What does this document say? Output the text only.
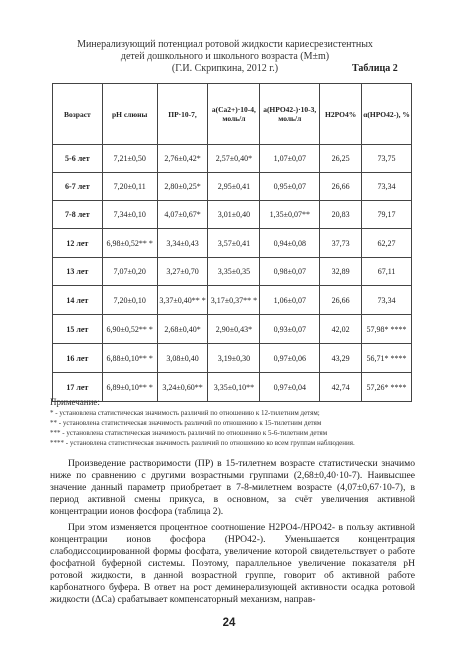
Минерализующий потенциал ротовой жидкости кариесрезистентных
детей дошкольного и школьного возраста (M±m)
(Г.И. Скрипкина, 2012 г.)	Таблица 2
Возраст	рН слюны	ПР·10-7,	a(Ca2+)·10-4, моль/л	a(HPO42-)·10-3, моль/л	H2PO4%	α(HPO42-), %
5-6 лет	7,21±0,50	2,76±0,42*	2,57±0,40*	1,07±0,07	26,25	73,75
6-7 лет	7,20±0,11	2,80±0,25*	2,95±0,41	0,95±0,07	26,66	73,34
7-8 лет	7,34±0,10	4,07±0,67*	3,01±0,40	1,35±0,07**	20,83	79,17
12 лет	6,98±0,52** *	3,34±0,43	3,57±0,41	0,94±0,08	37,73	62,27
13 лет	7,07±0,20	3,27±0,70	3,35±0,35	0,98±0,07	32,89	67,11
14 лет	7,20±0,10	3,37±0,40** *	3,17±0,37** *	1,06±0,07	26,66	73,34
15 лет	6,90±0,52** *	2,68±0,40*	2,90±0,43*	0,93±0,07	42,02	57,98* ****
16 лет	6,88±0,10** *	3,08±0,40	3,19±0,30	0,97±0,06	43,29	56,71* ****
17 лет	6,89±0,10** *	3,24±0,60**	3,35±0,10**	0,97±0,04	42,74	57,26* ****
Примечание:
* - установлена статистическая значимость различий по отношению к 12-тилетним детям;
** - установлена статистическая значимость различий по отношению к 15-тилетним детям
*** - установлена статистическая значимость различий по отношению к 5-6-тилетним детям
**** - установлена статистическая значимость различий по отношению ко всем группам наблюдения.

Произведение растворимости (ПР) в 15-тилетнем возрасте статистически значимо ниже по сравнению с другими возрастными группами (2,68±0,40·10-7). Наивысшее значение данный параметр приобретает в 7-8-милетнем возрасте (4,07±0,67·10-7), в период активной смены прикуса, в основном, за счёт увеличения активной концентрации ионов фосфора (таблица 2).

При этом изменяется процентное соотношение H2PO4-/HPO42- в пользу активной концентрации ионов фосфора (HPO42-). Уменьшается концентрация слабодиссоциированной формы фосфата, увеличение которой свидетельствует о работе фосфатной буферной системы. Поэтому, параллельное увеличение показателя рН ротовой жидкости, в данной возрастной группе, говорит об активной работе карбонатного буфера. В ответ на рост деминерализующей активности осадка ротовой жидкости (ΔCa) срабатывает компенсаторный механизм, направ-

24
